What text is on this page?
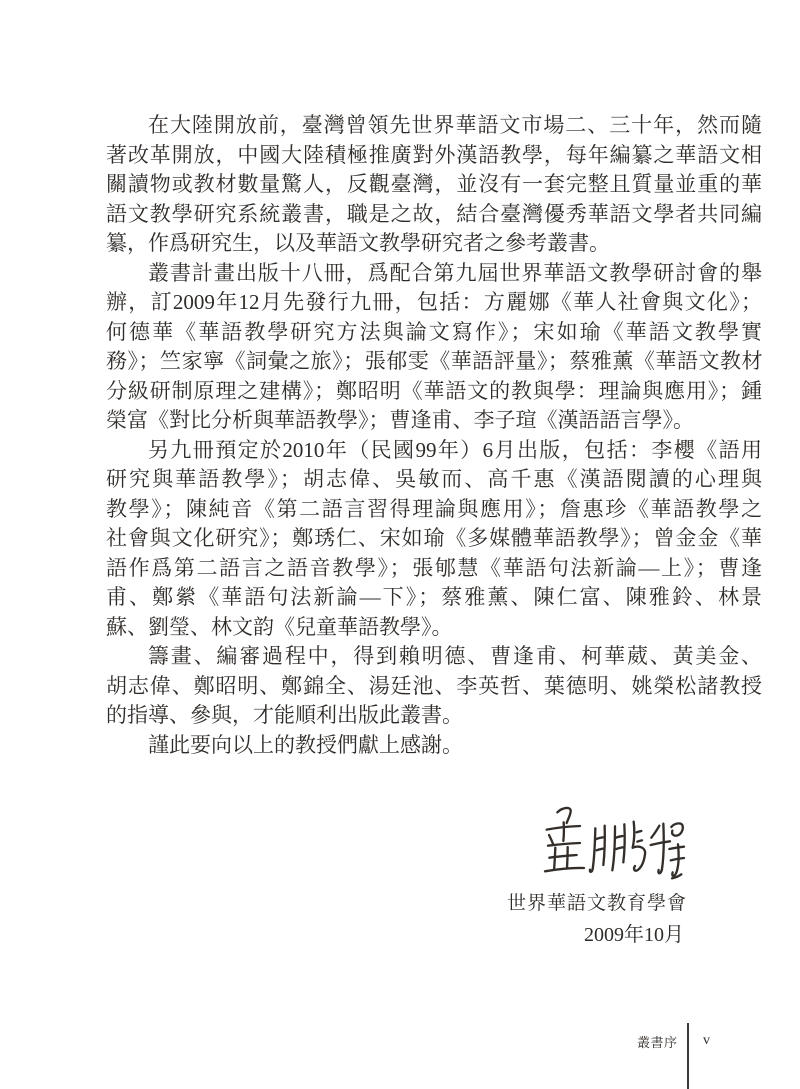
在大陸開放前，臺灣曾領先世界華語文市場二、三十年，然而隨
著改革開放，中國大陸積極推廣對外漢語教學，每年編纂之華語文相
關讀物或教材數量驚人，反觀臺灣，並沒有一套完整且質量並重的華
語文教學研究系統叢書，職是之故，結合臺灣優秀華語文學者共同編
纂，作爲研究生，以及華語文教學研究者之參考叢書。
叢書計畫出版十八冊，爲配合第九屆世界華語文教學研討會的舉
辦，訂2009年12月先發行九冊，包括：方麗娜《華人社會與文化》；
何德華《華語教學研究方法與論文寫作》；宋如瑜《華語文教學實
務》；竺家寧《詞彙之旅》；張郁雯《華語評量》；蔡雅薰《華語文教材
分級研制原理之建構》；鄭昭明《華語文的教與學：理論與應用》；鍾
榮富《對比分析與華語教學》；曹逢甫、李子瑄《漢語語言學》。
另九冊預定於2010年（民國99年）6月出版，包括：李櫻《語用
研究與華語教學》；胡志偉、吳敏而、高千惠《漢語閱讀的心理與
教學》；陳純音《第二語言習得理論與應用》；詹惠珍《華語教學之
社會與文化研究》；鄭琇仁、宋如瑜《多媒體華語教學》；曾金金《華
語作爲第二語言之語音教學》；張郇慧《華語句法新論—上》；曹逢
甫、鄭縈《華語句法新論—下》；蔡雅薰、陳仁富、陳雅鈴、林景
蘇、劉瑩、林文韵《兒童華語教學》。
籌畫、編審過程中，得到賴明德、曹逢甫、柯華葳、黃美金、
胡志偉、鄭昭明、鄭錦全、湯廷池、李英哲、葉德明、姚榮松諸教授
的指導、參與，才能順利出版此叢書。
謹此要向以上的教授們獻上感謝。
世界華語文教育學會
2009年10月
叢書序 v
